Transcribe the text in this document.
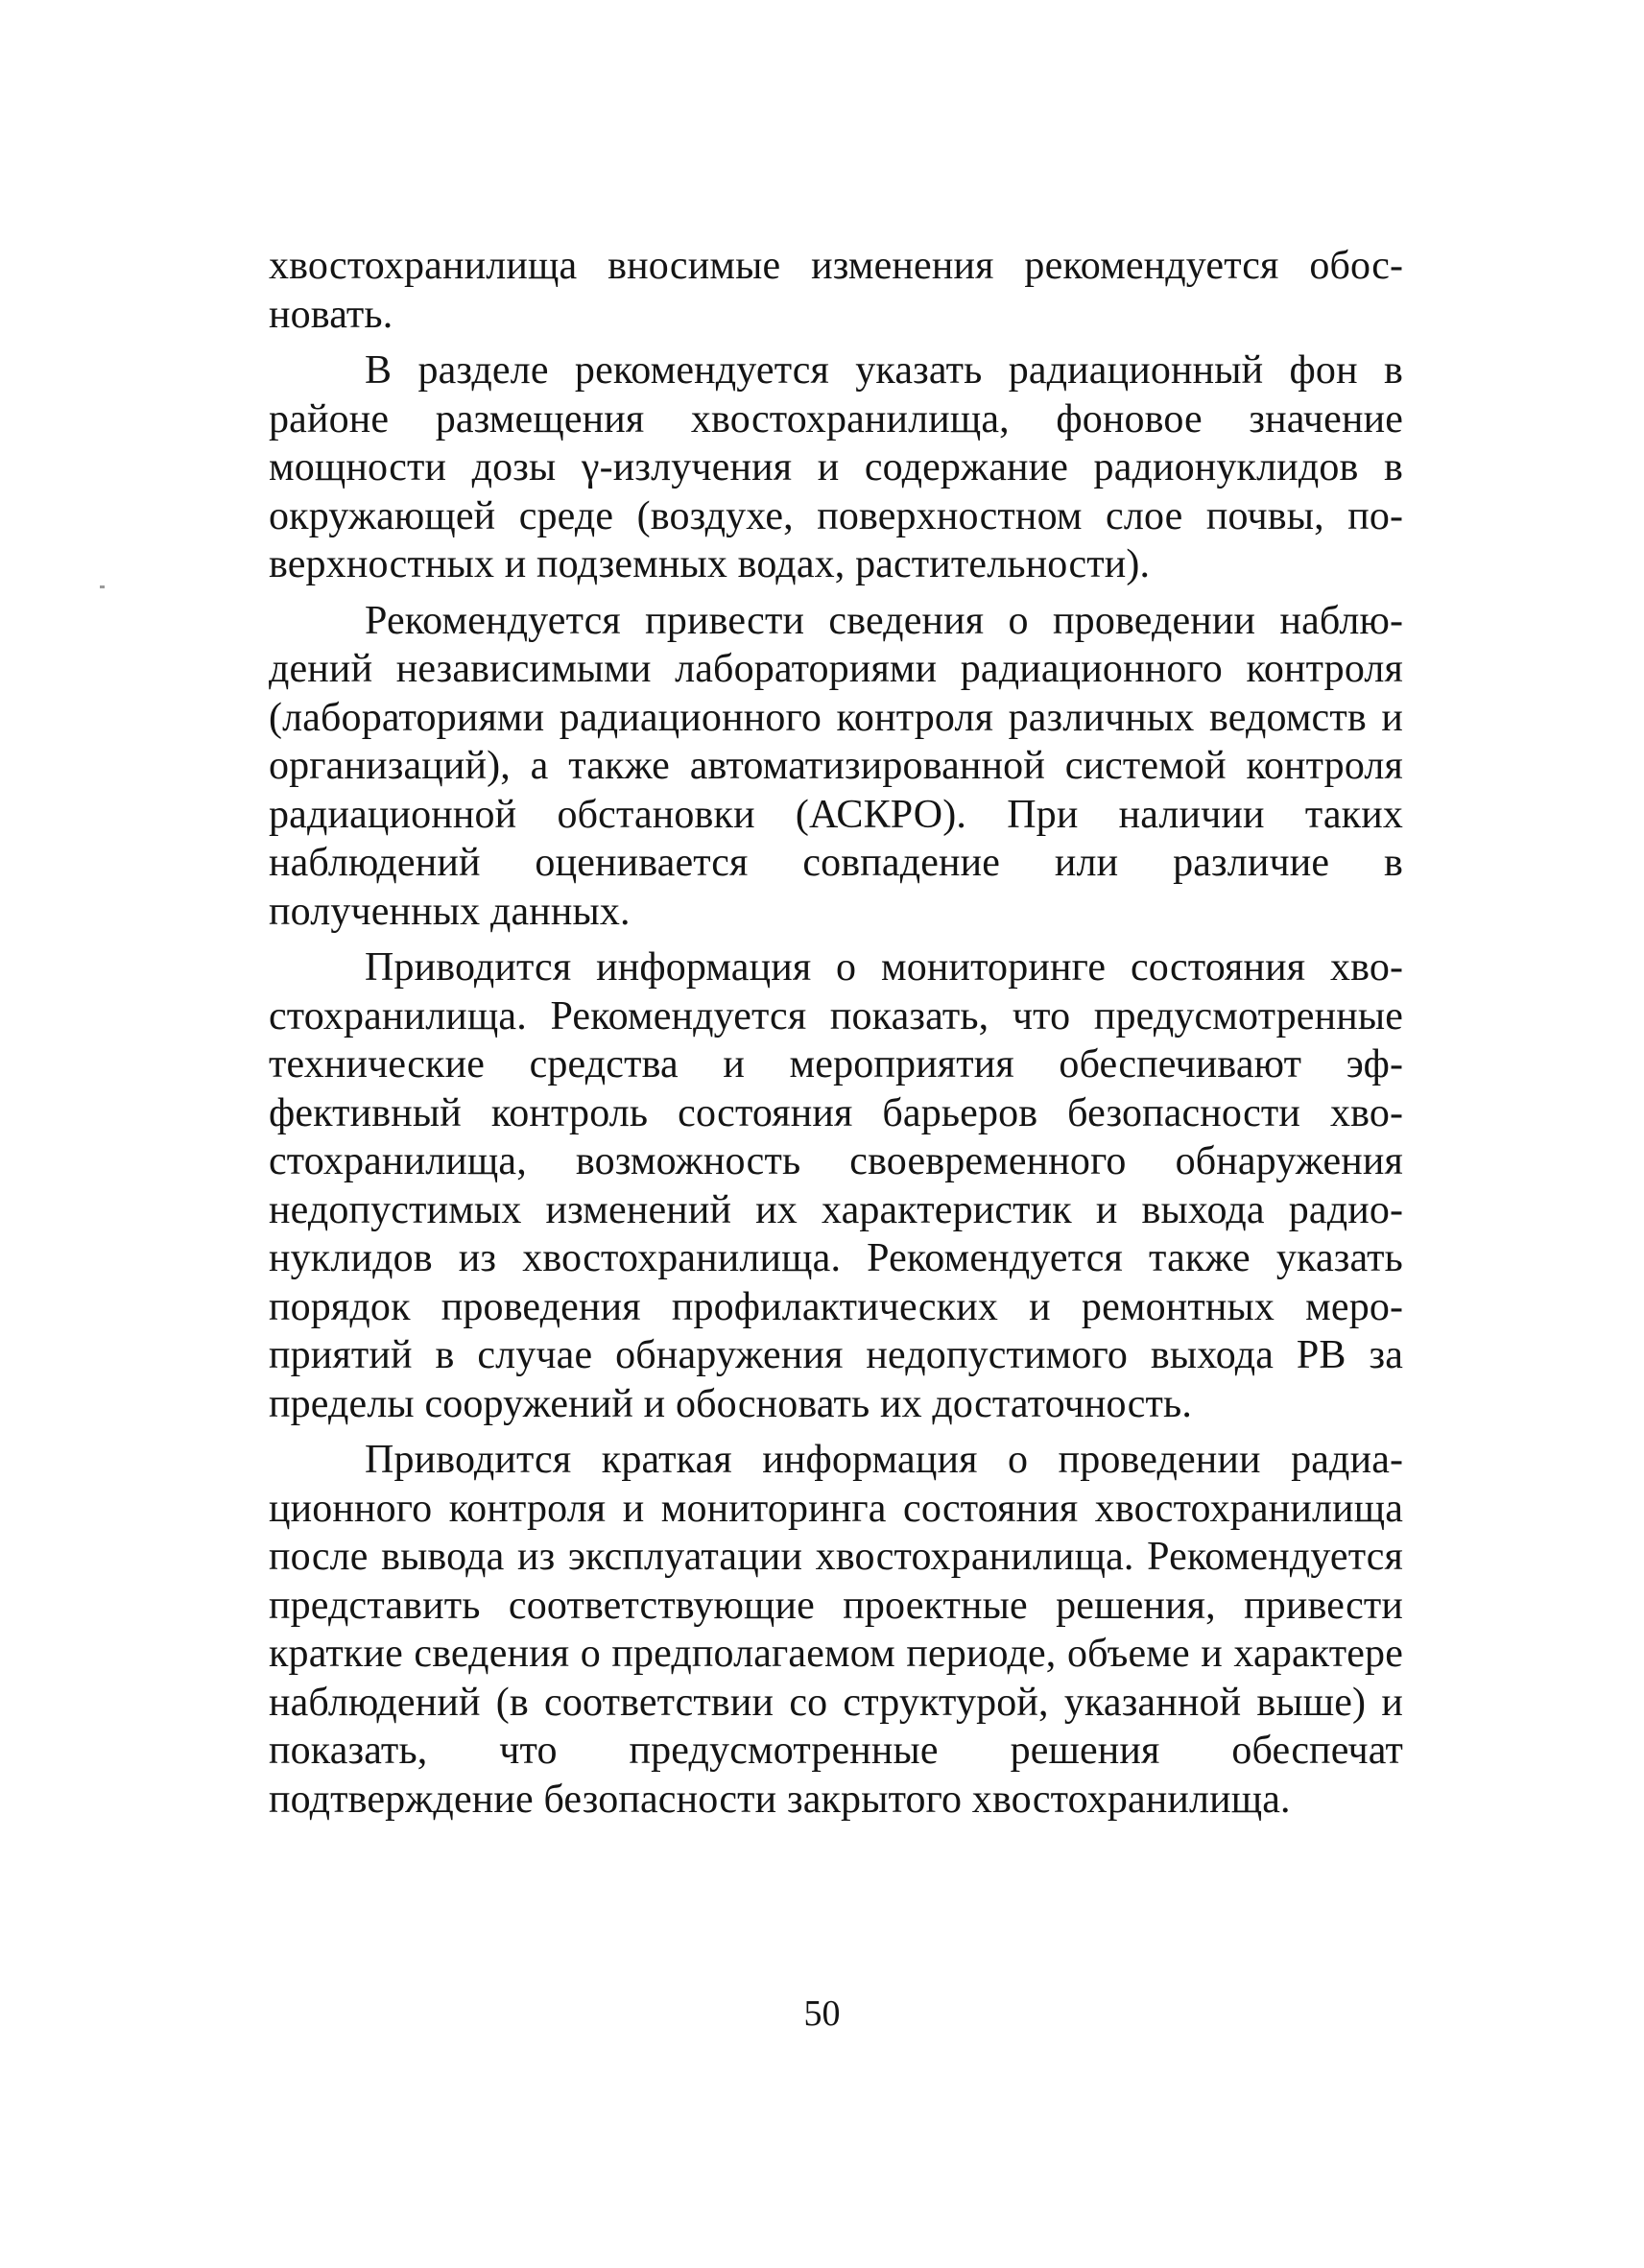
хвостохранилища вносимые изменения рекомендуется обосновать.

В разделе рекомендуется указать радиационный фон в районе размещения хвостохранилища, фоновое значение мощности дозы γ-излучения и содержание радионуклидов в окружающей среде (воздухе, поверхностном слое почвы, поверхностных и подземных водах, растительности).

Рекомендуется привести сведения о проведении наблюдений независимыми лабораториями радиационного контроля (лабораториями радиационного контроля различных ведомств и организаций), а также автоматизированной системой контроля радиационной обстановки (АСКРО). При наличии таких наблюдений оценивается совпадение или различие в полученных данных.

Приводится информация о мониторинге состояния хвостохранилища. Рекомендуется показать, что предусмотренные технические средства и мероприятия обеспечивают эффективный контроль состояния барьеров безопасности хвостохранилища, возможность своевременного обнаружения недопустимых изменений их характеристик и выхода радионуклидов из хвостохранилища. Рекомендуется также указать порядок проведения профилактических и ремонтных мероприятий в случае обнаружения недопустимого выхода РВ за пределы сооружений и обосновать их достаточность.

Приводится краткая информация о проведении радиационного контроля и мониторинга состояния хвостохранилища после вывода из эксплуатации хвостохранилища. Рекомендуется представить соответствующие проектные решения, привести краткие сведения о предполагаемом периоде, объеме и характере наблюдений (в соответствии со структурой, указанной выше) и показать, что предусмотренные решения обеспечат подтверждение безопасности закрытого хвостохранилища.

50
